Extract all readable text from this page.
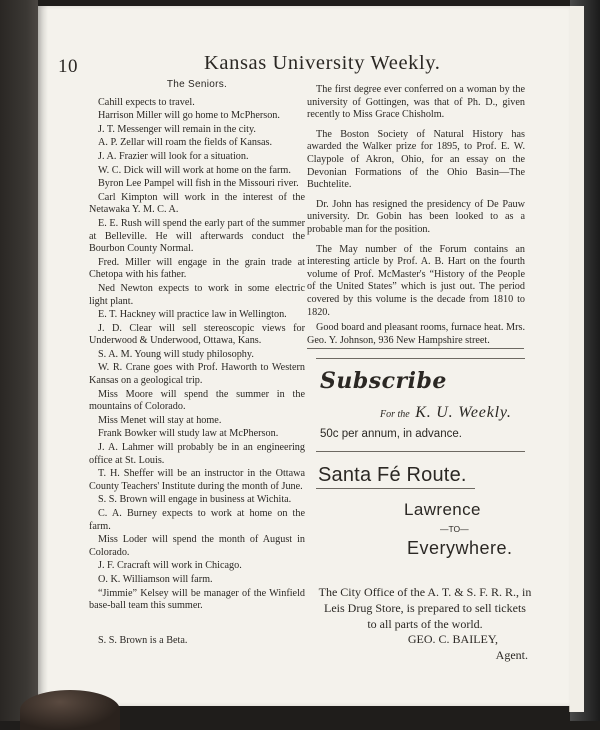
10	Kansas University Weekly.

The Seniors.

Cahill expects to travel.

Harrison Miller will go home to McPherson.

J. T. Messenger will remain in the city.

A. P. Zellar will roam the fields of Kansas.

J. A. Frazier will look for a situation.

W. C. Dick will will work at home on the farm.

Byron Lee Pampel will fish in the Missouri river.

Carl Kimpton will work in the interest of the Netawaka Y. M. C. A.

E. E. Rush will spend the early part of the summer at Belleville. He will afterwards conduct the Bourbon County Normal.

Fred. Miller will engage in the grain trade at Chetopa with his father.

Ned Newton expects to work in some electric light plant.

E. T. Hackney will practice law in Wellington.

J. D. Clear will sell stereoscopic views for Underwood & Underwood, Ottawa, Kans.

S. A. M. Young will study philosophy.

W. R. Crane goes with Prof. Haworth to Western Kansas on a geological trip.

Miss Moore will spend the summer in the mountains of Colorado.

Miss Menet will stay at home.

Frank Bowker will study law at McPherson.

J. A. Lahmer will probably be in an engineering office at St. Louis.

T. H. Sheffer will be an instructor in the Ottawa County Teachers' Institute during the month of June.

S. S. Brown will engage in business at Wichita.

C. A. Burney expects to work at home on the farm.

Miss Loder will spend the month of August in Colorado.

J. F. Cracraft will work in Chicago.

O. K. Williamson will farm.

“Jimmie” Kelsey will be manager of the Winfield base-ball team this summer.

S. S. Brown is a Beta.

The first degree ever conferred on a woman by the university of Gottingen, was that of Ph. D., given recently to Miss Grace Chisholm.

The Boston Society of Natural History has awarded the Walker prize for 1895, to Prof. E. W. Claypole of Akron, Ohio, for an essay on the Devonian Formations of the Ohio Basin—The Buchtelite.

Dr. John has resigned the presidency of De Pauw university. Dr. Gobin has been looked to as a probable man for the position.

The May number of the Forum contains an interesting article by Prof. A. B. Hart on the fourth volume of Prof. McMaster's “History of the People of the United States” which is just out. The period covered by this volume is the decade from 1810 to 1820.

Good board and pleasant rooms, furnace heat. Mrs. Geo. Y. Johnson, 936 New Hampshire street.

Subscribe
For the K. U. Weekly.
50c per annum, in advance.
Santa Fé Route.
Lawrence
—TO—
Everywhere.
The City Office of the A. T. & S. F. R. R., in Leis Drug Store, is prepared to sell tickets to all parts of the world.
GEO. C. BAILEY,
Agent.
